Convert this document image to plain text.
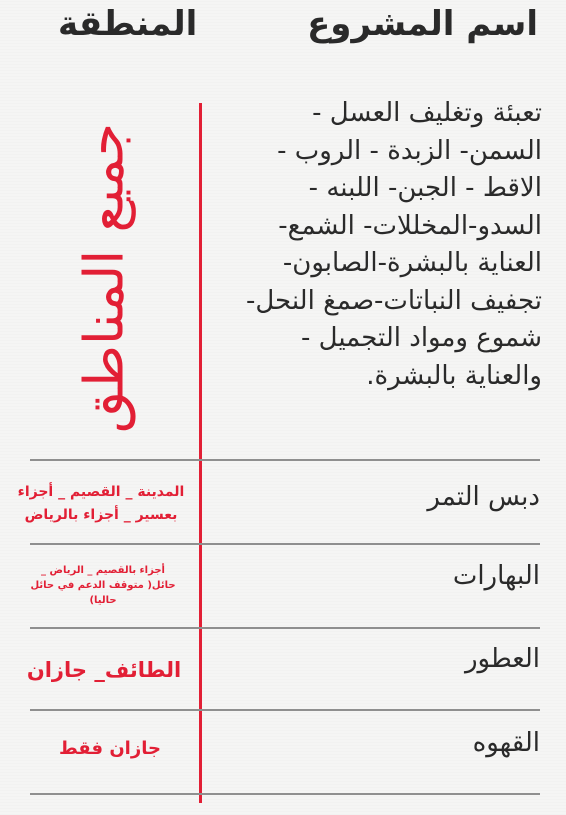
اسم المشروع
المنطقة
جميع المناطق
تعبئة وتغليف العسل -
السمن- الزبدة - الروب -
الاقط - الجبن- اللبنه -
السدو-المخللات- الشمع-
العناية بالبشرة-الصابون-
تجفيف النباتات-صمغ النحل-
شموع ومواد التجميل -
والعناية بالبشرة.
دبس التمر
المدينة _ القصيم _ أجزاء
بعسير _ أجزاء بالرياض
البهارات
أجزاء بالقصيم _ الرياض _
حائل( متوقف الدعم في حائل
حاليا)
العطور
الطائف_ جازان
القهوه
جازان فقط
